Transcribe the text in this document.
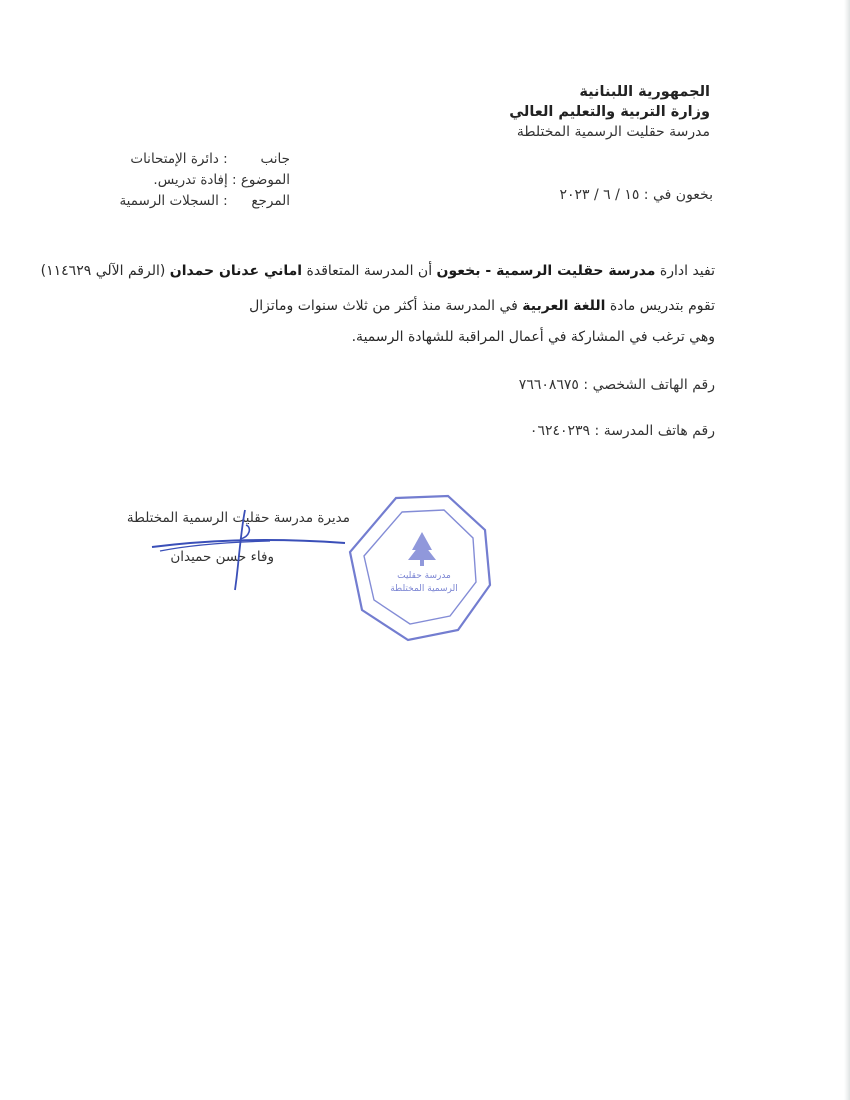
الجمهورية اللبنانية
وزارة التربية والتعليم العالي
مدرسة حقليت الرسمية المختلطة
جانب : دائرة الإمتحانات
الموضوع : إفادة تدريس.
المرجع : السجلات الرسمية	بخعون في : ١٥ / ٦ / ٢٠٢٣
تفيد ادارة مدرسة حقليت الرسمية - بخعون أن المدرسة المتعاقدة اماني عدنان حمدان (الرقم الآلي ١١٤٦٢٩)
تقوم بتدريس مادة اللغة العربية في المدرسة منذ أكثر من ثلاث سنوات وماتزال
وهي ترغب في المشاركة في أعمال المراقبة للشهادة الرسمية.
رقم الهاتف الشخصي : ٧٦٦٠٨٦٧٥
رقم هاتف المدرسة : ٠٦٢٤٠٢٣٩
مديرة مدرسة حقليت الرسمية المختلطة
وفاء حسن حميدان
مدرسة حقليت
الرسمية المختلطة
